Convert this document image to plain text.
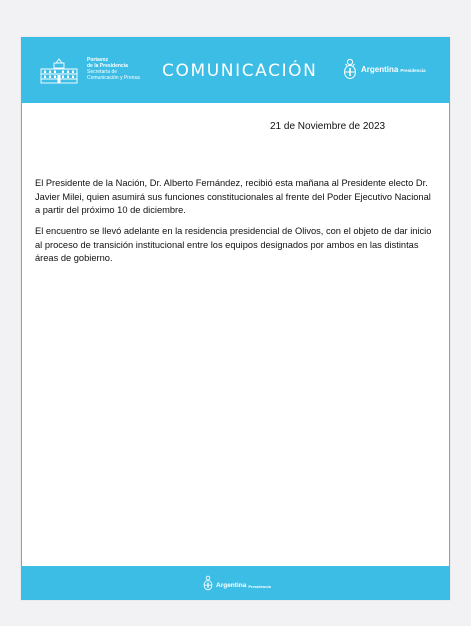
Portavoz
de la Presidencia
Secretaría de
Comunicación y Prensa COMUNICACIÓN	Argentina Presidencia
Argentina Presidencia
21 de Noviembre de 2023

El Presidente de la Nación, Dr. Alberto Fernández, recibió esta mañana al Presidente electo Dr. Javier Milei, quien asumirá sus funciones constitucionales al frente del Poder Ejecutivo Nacional a partir del próximo 10 de diciembre.

El encuentro se llevó adelante en la residencia presidencial de Olivos, con el objeto de dar inicio al proceso de transición institucional entre los equipos designados por ambos en las distintas áreas de gobierno.
